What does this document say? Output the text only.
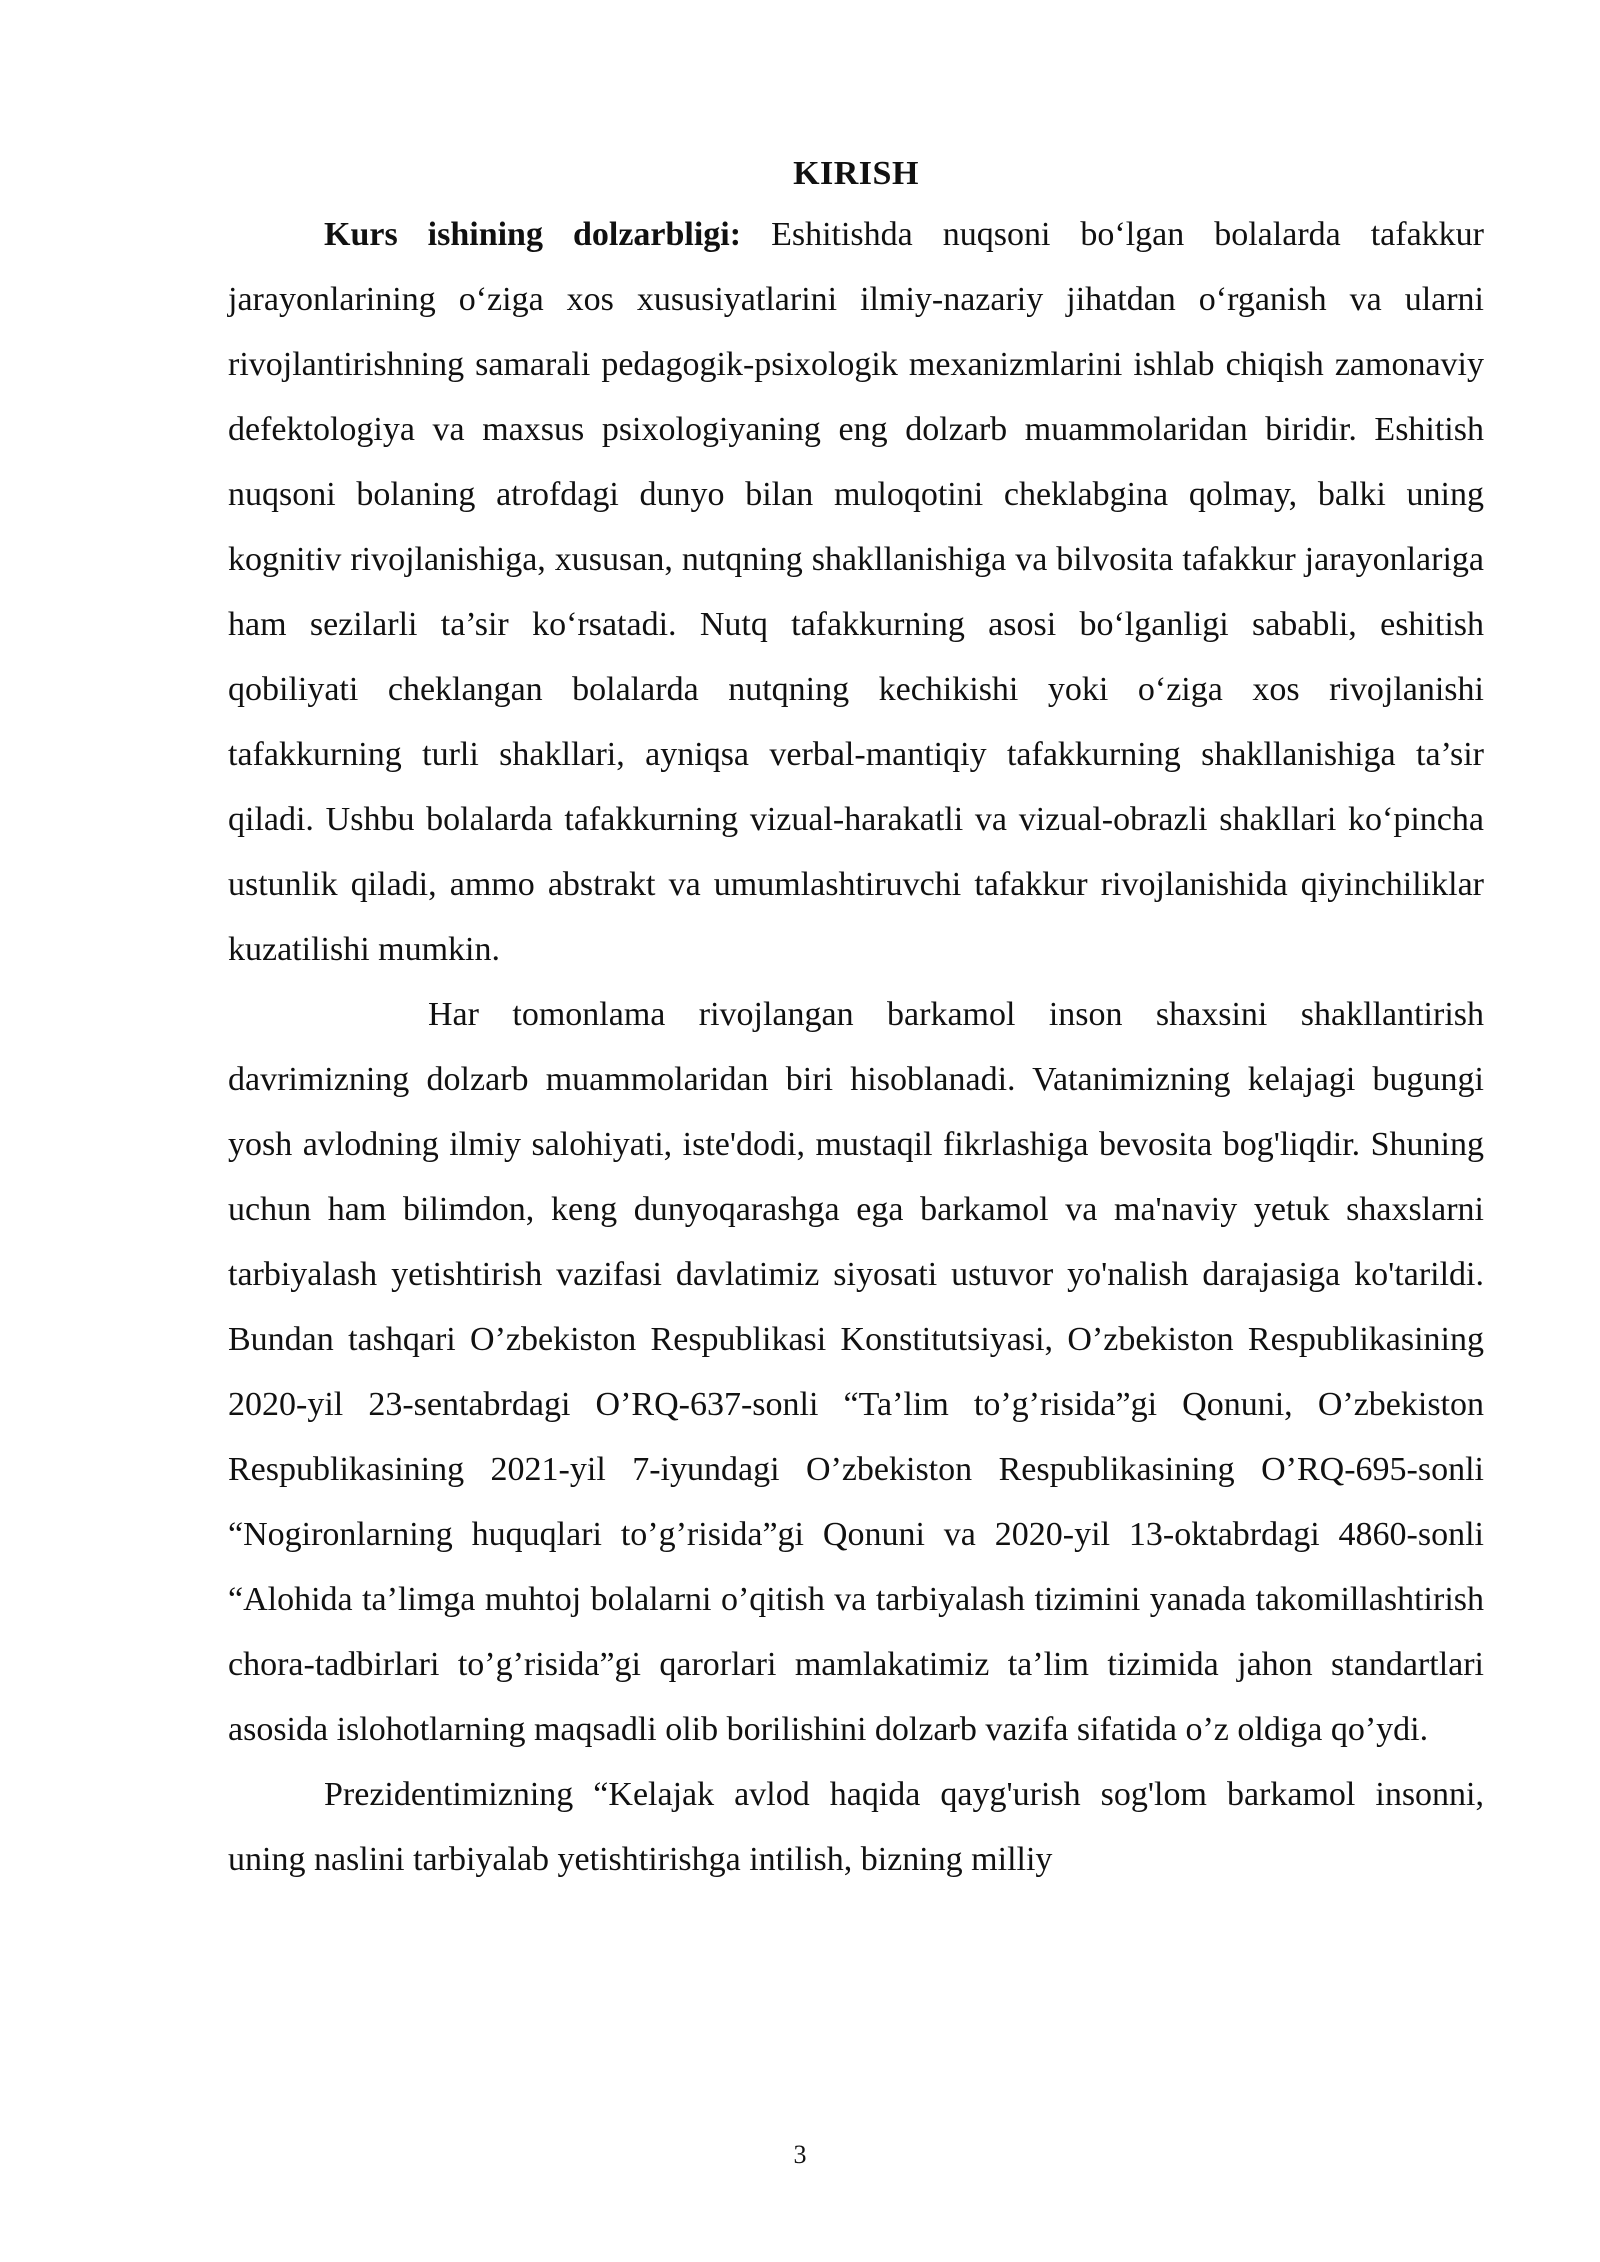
KIRISH

Kurs ishining dolzarbligi: Eshitishda nuqsoni bo‘lgan bolalarda tafakkur jarayonlarining o‘ziga xos xususiyatlarini ilmiy-nazariy jihatdan o‘rganish va ularni rivojlantirishning samarali pedagogik-psixologik mexanizmlarini ishlab chiqish zamonaviy defektologiya va maxsus psixologiyaning eng dolzarb muammolaridan biridir. Eshitish nuqsoni bolaning atrofdagi dunyo bilan muloqotini cheklabgina qolmay, balki uning kognitiv rivojlanishiga, xususan, nutqning shakllanishiga va bilvosita tafakkur jarayonlariga ham sezilarli ta’sir ko‘rsatadi. Nutq tafakkurning asosi bo‘lganligi sababli, eshitish qobiliyati cheklangan bolalarda nutqning kechikishi yoki o‘ziga xos rivojlanishi tafakkurning turli shakllari, ayniqsa verbal-mantiqiy tafakkurning shakllanishiga ta’sir qiladi. Ushbu bolalarda tafakkurning vizual-harakatli va vizual-obrazli shakllari ko‘pincha ustunlik qiladi, ammo abstrakt va umumlashtiruvchi tafakkur rivojlanishida qiyinchiliklar kuzatilishi mumkin.

Har tomonlama rivojlangan barkamol inson shaxsini shakllantirish davrimizning dolzarb muammolaridan biri hisoblanadi. Vatanimizning kelajagi bugungi yosh avlodning ilmiy salohiyati, iste'dodi, mustaqil fikrlashiga bevosita bog'liqdir. Shuning uchun ham bilimdon, keng dunyoqarashga ega barkamol va ma'naviy yetuk shaxslarni tarbiyalash yetishtirish vazifasi davlatimiz siyosati ustuvor yo'nalish darajasiga ko'tarildi. Bundan tashqari O’zbekiston Respublikasi Konstitutsiyasi, O’zbekiston Respublikasining 2020-yil 23-sentabrdagi O’RQ-637-sonli “Ta’lim to’g’risida”gi Qonuni, O’zbekiston Respublikasining 2021-yil 7-iyundagi O’zbekiston Respublikasining O’RQ-695-sonli “Nogironlarning huquqlari to’g’risida”gi Qonuni va 2020-yil 13-oktabrdagi 4860-sonli “Alohida ta’limga muhtoj bolalarni o’qitish va tarbiyalash tizimini yanada takomillashtirish chora-tadbirlari to’g’risida”gi qarorlari mamlakatimiz ta’lim tizimida jahon standartlari asosida islohotlarning maqsadli olib borilishini dolzarb vazifa sifatida o’z oldiga qo’ydi.

Prezidentimizning “Kelajak avlod haqida qayg'urish sog'lom barkamol insonni, uning naslini tarbiyalab yetishtirishga intilish, bizning milliy

3
